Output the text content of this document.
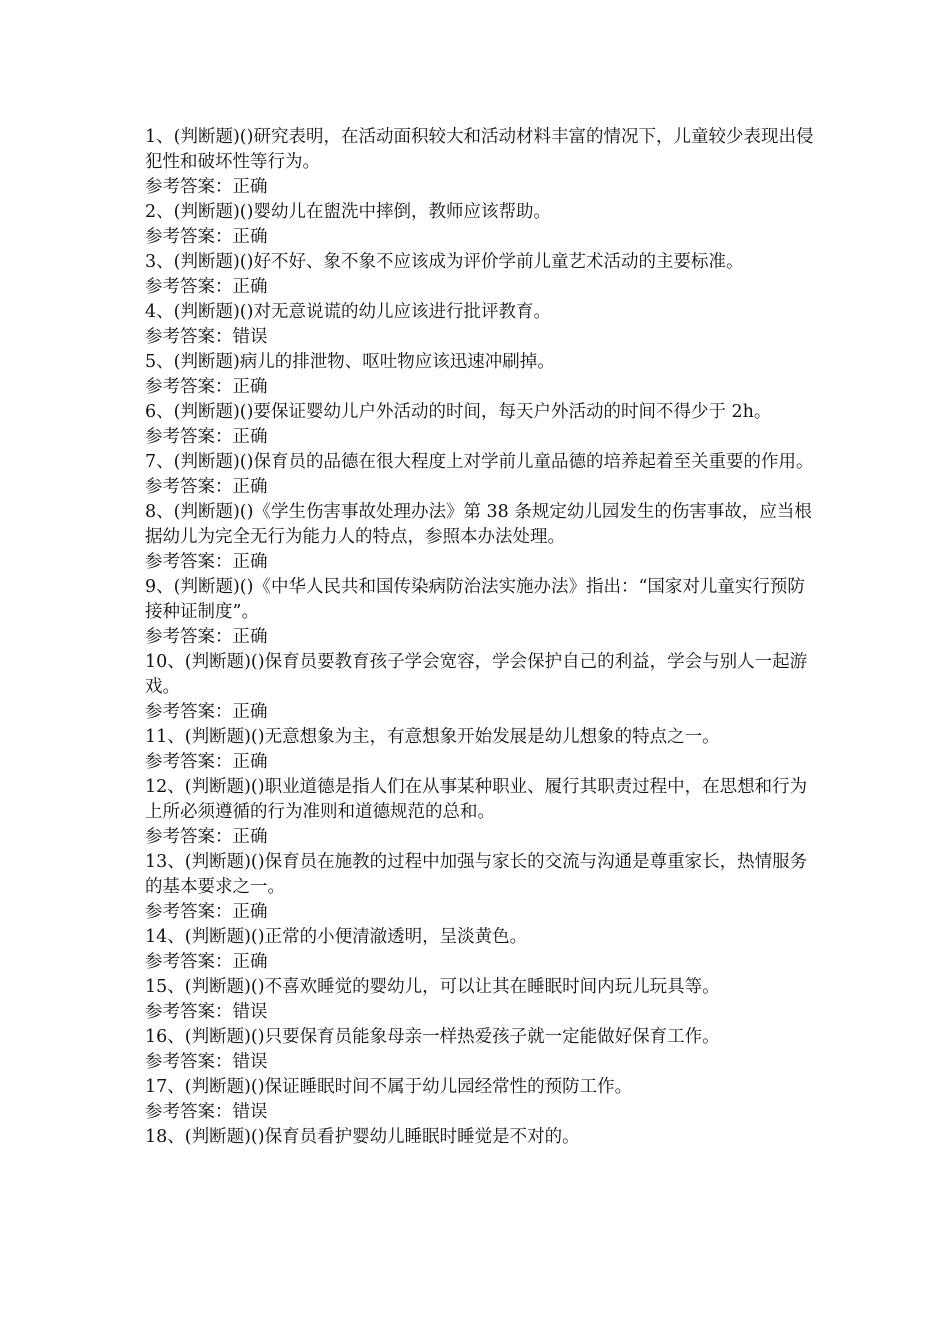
1、(判断题)()研究表明，在活动面积较大和活动材料丰富的情况下，儿童较少表现出侵犯性和破坏性等行为。

参考答案：正确

2、(判断题)()婴幼儿在盥洗中摔倒，教师应该帮助。

参考答案：正确

3、(判断题)()好不好、象不象不应该成为评价学前儿童艺术活动的主要标准。

参考答案：正确

4、(判断题)()对无意说谎的幼儿应该进行批评教育。

参考答案：错误

5、(判断题)病儿的排泄物、呕吐物应该迅速冲刷掉。

参考答案：正确

6、(判断题)()要保证婴幼儿户外活动的时间，每天户外活动的时间不得少于 2h。

参考答案：正确

7、(判断题)()保育员的品德在很大程度上对学前儿童品德的培养起着至关重要的作用。

参考答案：正确

8、(判断题)()《学生伤害事故处理办法》第 38 条规定幼儿园发生的伤害事故，应当根据幼儿为完全无行为能力人的特点，参照本办法处理。

参考答案：正确

9、(判断题)()《中华人民共和国传染病防治法实施办法》指出：“国家对儿童实行预防接种证制度”。

参考答案：正确

10、(判断题)()保育员要教育孩子学会宽容，学会保护自己的利益，学会与别人一起游戏。

参考答案：正确

11、(判断题)()无意想象为主，有意想象开始发展是幼儿想象的特点之一。

参考答案：正确

12、(判断题)()职业道德是指人们在从事某种职业、履行其职责过程中，在思想和行为上所必须遵循的行为准则和道德规范的总和。

参考答案：正确

13、(判断题)()保育员在施教的过程中加强与家长的交流与沟通是尊重家长，热情服务的基本要求之一。

参考答案：正确

14、(判断题)()正常的小便清澈透明，呈淡黄色。

参考答案：正确

15、(判断题)()不喜欢睡觉的婴幼儿，可以让其在睡眠时间内玩儿玩具等。

参考答案：错误

16、(判断题)()只要保育员能象母亲一样热爱孩子就一定能做好保育工作。

参考答案：错误

17、(判断题)()保证睡眠时间不属于幼儿园经常性的预防工作。

参考答案：错误

18、(判断题)()保育员看护婴幼儿睡眠时睡觉是不对的。
